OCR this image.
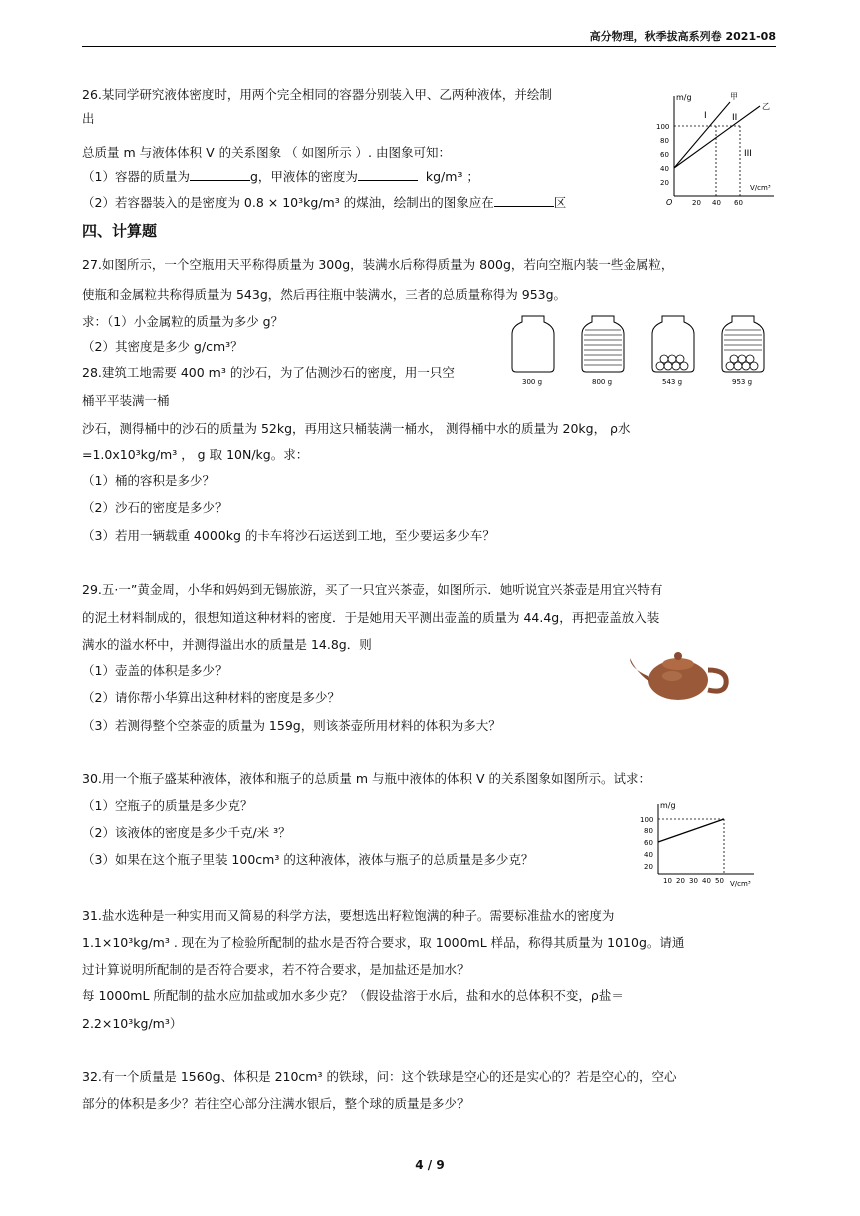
高分物理，秋季拔高系列卷 2021-08
26.某同学研究液体密度时，用两个完全相同的容器分别装入甲、乙两种液体，并绘制
出
总质量 m 与液体体积 V 的关系图象 （ 如图所示 ）. 由图象可知：
（1）容器的质量为	g，甲液体的密度为	kg/m³ ；
（2）若容器装入的是密度为 0.8 × 10³kg/m³ 的煤油，绘制出的图象应在	区
m/g
V/cm³
100
80
60
40
20
O	20 40 60
甲
乙
I	II
III
四、计算题
27.如图所示，一个空瓶用天平称得质量为 300g，装满水后称得质量为 800g，若向空瓶内装一些金属粒，
使瓶和金属粒共称得质量为 543g，然后再往瓶中装满水，三者的总质量称得为 953g。
求：（1）小金属粒的质量为多少 g？
（2）其密度是多少 g/cm³？
300 g	800 g	543 g	953 g
28.建筑工地需要 400 m³ 的沙石，为了估测沙石的密度，用一只空
桶平平装满一桶
沙石，测得桶中的沙石的质量为 52kg，再用这只桶装满一桶水， 测得桶中水的质量为 20kg， ρ水
=1.0x10³kg/m³ ， g 取 10N/kg。求：
（1）桶的容积是多少？
（2）沙石的密度是多少？
（3）若用一辆载重 4000kg 的卡车将沙石运送到工地，至少要运多少车？
29.五·一”黄金周，小华和妈妈到无锡旅游，买了一只宜兴茶壶，如图所示．她听说宜兴茶壶是用宜兴特有
的泥土材料制成的，很想知道这种材料的密度．于是她用天平测出壶盖的质量为 44.4g，再把壶盖放入装
满水的溢水杯中，并测得溢出水的质量是 14.8g．则
（1）壶盖的体积是多少？
（2）请你帮小华算出这种材料的密度是多少？
（3）若测得整个空茶壶的质量为 159g，则该茶壶所用材料的体积为多大？
30.用一个瓶子盛某种液体，液体和瓶子的总质量 m 与瓶中液体的体积 V 的关系图象如图所示。试求：
（1）空瓶子的质量是多少克？
（2）该液体的密度是多少千克/米 ³？
（3）如果在这个瓶子里装 100cm³ 的这种液体，液体与瓶子的总质量是多少克？
m/g
V/cm³
100
80
60
40
20
10 20 30 40 50
31.盐水选种是一种实用而又简易的科学方法，要想选出籽粒饱满的种子。需要标准盐水的密度为
1.1×10³kg/m³ . 现在为了检验所配制的盐水是否符合要求，取 1000mL 样品，称得其质量为 1010g。请通
过计算说明所配制的是否符合要求，若不符合要求，是加盐还是加水？
每 1000mL 所配制的盐水应加盐或加水多少克？（假设盐溶于水后，盐和水的总体积不变，ρ盐＝
2.2×10³kg/m³）
32.有一个质量是 1560g、体积是 210cm³ 的铁球，问：这个铁球是空心的还是实心的？若是空心的，空心
部分的体积是多少？若往空心部分注满水银后，整个球的质量是多少？
4 / 9
